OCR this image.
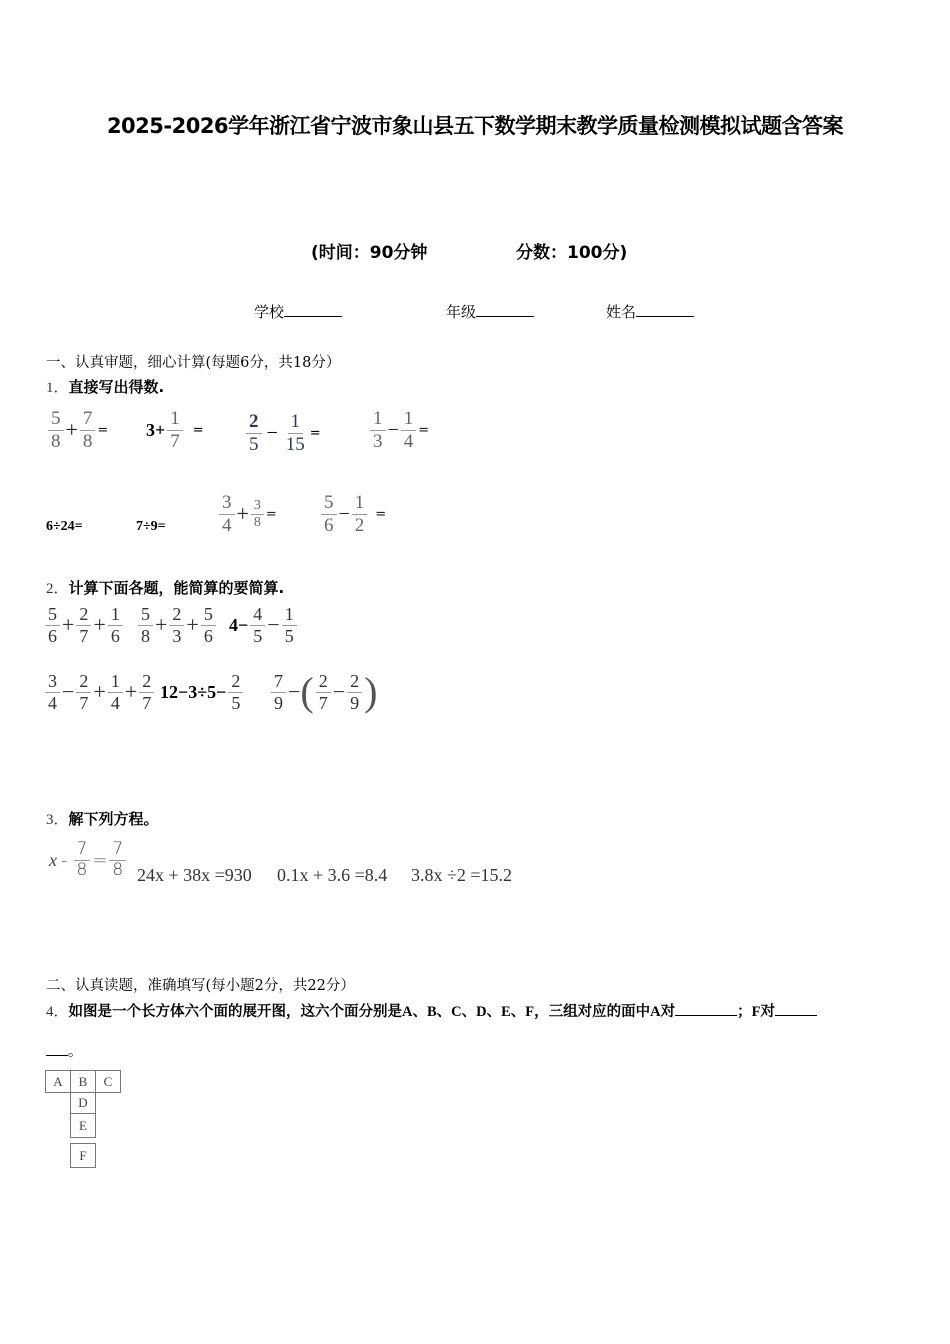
2025-2026学年浙江省宁波市象山县五下数学期末教学质量检测模拟试题含答案
(时间：90分钟	分数：100分)
学校	年级	姓名
一、认真审题，细心计算(每题6分，共18分）
1．直接写出得数.
$\frac{5}{8} + \frac{7}{8} = 3+ \frac{1}{7} = \frac{2}{5} - \frac{1}{15}$ =	$\frac{1}{3} - \frac{1}{4}$ =
6÷24=	7÷9=	$\frac{3}{4} + \frac{3}{8} = \frac{5}{6} - \frac{1}{2}$ =
2．计算下面各题，能简算的要简算.
$\frac{5}{6} + \frac{2}{7} + \frac{1}{6} \frac{5}{8} + \frac{2}{3} + \frac{5}{6} 4- \frac{4}{5} - \frac{1}{5}$
$\frac{3}{4} - \frac{2}{7} + \frac{1}{4} + \frac{2}{7} 12-3\div 5- \frac{2}{5} \frac{7}{9}$ − ( $\frac{2}{7} - \frac{2}{9}$ )
3．解下列方程。
$x - \frac{7}{8} = \frac{7}{8} 24x + 38x =930$ 0.1x + 3.6 =8.4 3.8x ÷2 =15.2
二、认真读题，准确填写(每小题2分，共22分）
4．如图是一个长方体六个面的展开图，这六个面分别是A、B、C、D、E、F，三组对应的面中A对	；F对
。
A	B	C
D
E
F
